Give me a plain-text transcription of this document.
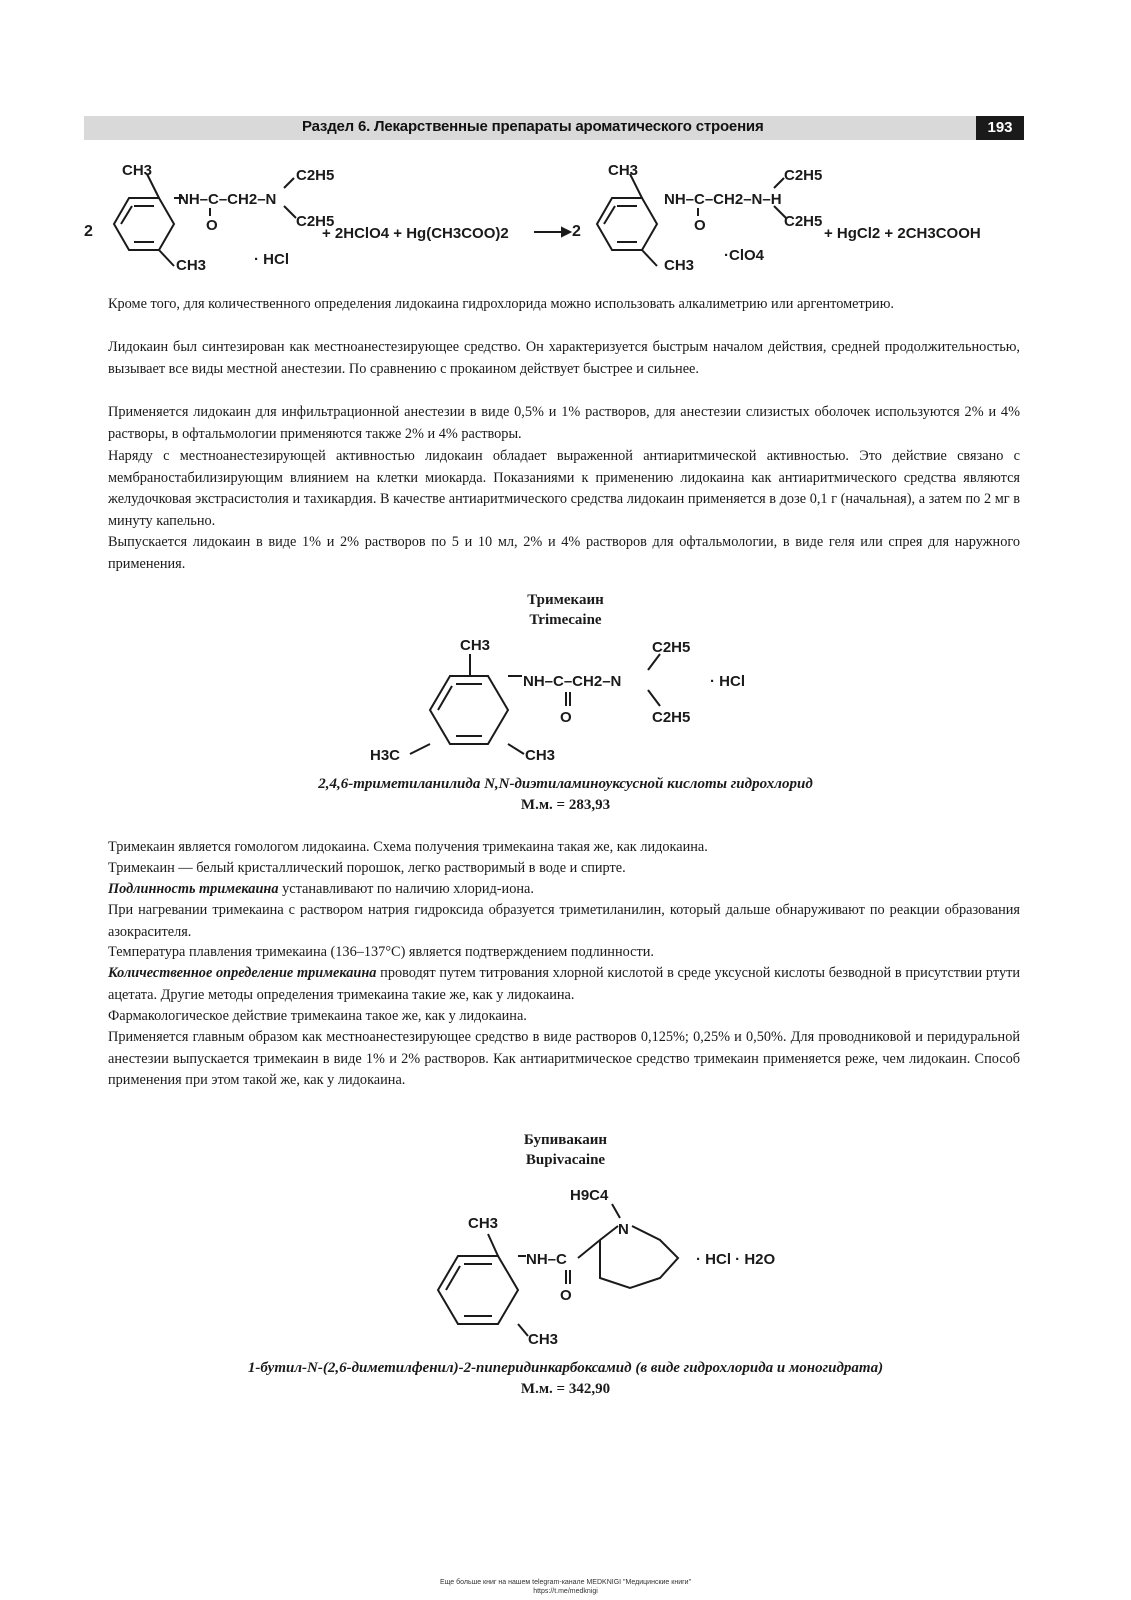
Раздел 6. Лекарственные препараты ароматического строения	193
2
CH3
CH3
NH–C–CH2–N
O
C2H5
C2H5
· HCl
+ 2HClO4 + Hg(CH3COO)2	2
CH3
CH3
NH–C–CH2–N–H
O
C2H5
C2H5
·ClO4
+ HgCl2 + 2CH3COOH
Кроме того, для количественного определения лидокаина гидрохлорида можно использовать алкалиметрию или аргентометрию.
Лидокаин был синтезирован как местноанестезирующее средство. Он характеризуется быстрым началом действия, средней продолжительностью, вызывает все виды местной анестезии. По сравнению с прокаином действует быстрее и сильнее.
Применяется лидокаин для инфильтрационной анестезии в виде 0,5% и 1% растворов, для анестезии слизистых оболочек используются 2% и 4% растворы, в офтальмологии применяются также 2% и 4% растворы.
Наряду с местноанестезирующей активностью лидокаин обладает выраженной антиаритмической активностью. Это действие связано с мембраностабилизирующим влиянием на клетки миокарда. Показаниями к применению лидокаина как антиаритмического средства являются желудочковая экстрасистолия и тахикардия. В качестве антиаритмического средства лидокаин применяется в дозе 0,1 г (начальная), а затем по 2 мг в минуту капельно.
Выпускается лидокаин в виде 1% и 2% растворов по 5 и 10 мл, 2% и 4% растворов для офтальмологии, в виде геля или спрея для наружного применения.
Тримекаин
Trimecaine
CH3
H3C	CH3
NH–C–CH2–N
O
C2H5
C2H5
· HCl
2,4,6-триметиланилида N,N-диэтиламиноуксусной кислоты гидрохлорид
М.м. = 283,93
Тримекаин является гомологом лидокаина. Схема получения тримекаина такая же, как лидокаина.
Тримекаин — белый кристаллический порошок, легко растворимый в воде и спирте.
Подлинность тримекаина устанавливают по наличию хлорид-иона.
При нагревании тримекаина с раствором натрия гидроксида образуется триметиланилин, который дальше обнаруживают по реакции образования азокрасителя.
Температура плавления тримекаина (136–137°С) является подтверждением подлинности.
Количественное определение тримекаина проводят путем титрования хлорной кислотой в среде уксусной кислоты безводной в присутствии ртути ацетата. Другие методы определения тримекаина такие же, как у лидокаина.
Фармакологическое действие тримекаина такое же, как у лидокаина.
Применяется главным образом как местноанестезирующее средство в виде растворов 0,125%; 0,25% и 0,50%. Для проводниковой и перидуральной анестезии выпускается тримекаин в виде 1% и 2% растворов. Как антиаритмическое средство тримекаин применяется реже, чем лидокаин. Способ применения при этом такой же, как у лидокаина.
Бупивакаин
Bupivacaine
CH3
CH3
NH–C
O
N
H9C4
· HCl · H2O
1-бутил-N-(2,6-диметилфенил)-2-пиперидинкарбоксамид (в виде гидрохлорида и моногидрата)
М.м. = 342,90
Еще больше книг на нашем telegram-канале MEDKNIGI "Медицинские книги"
https://t.me/medknigi
